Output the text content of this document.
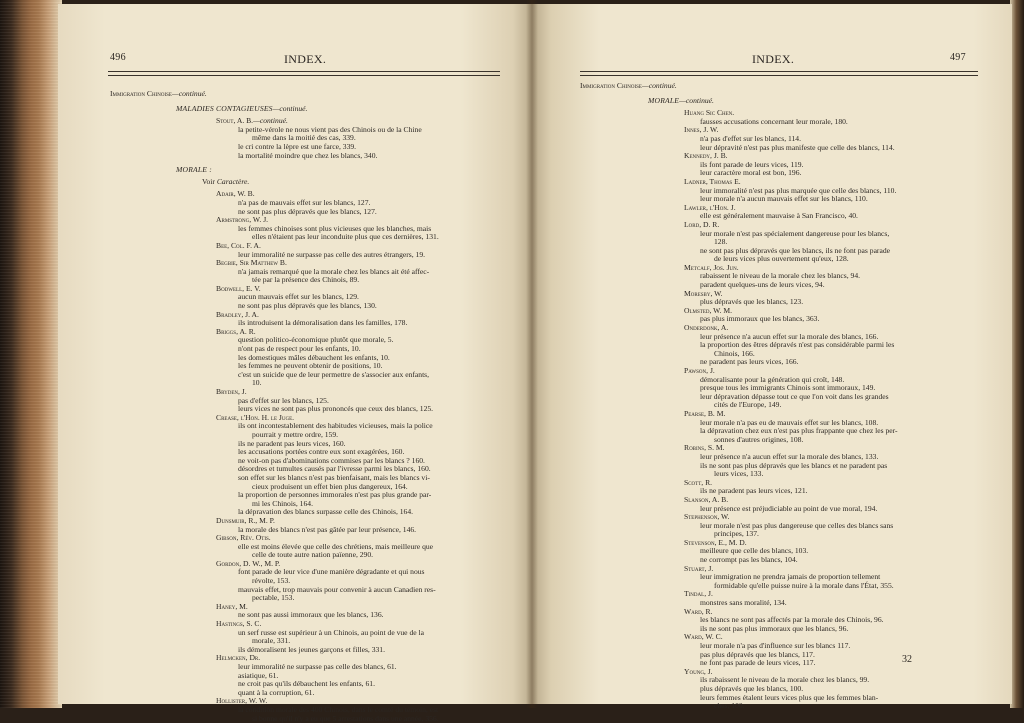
496	INDEX.
Immigration Chinoise—continué.
MALADIES CONTAGIEUSES—continué.
Stout, A. B.—continué.
la petite-vérole ne nous vient pas des Chinois ou de la Chine
même dans la moitié des cas, 339.
le cri contre la lèpre est une farce, 339.
la mortalité moindre que chez les blancs, 340.
MORALE :
Voir Caractère.
Adair, W. B.
n'a pas de mauvais effet sur les blancs, 127.
ne sont pas plus dépravés que les blancs, 127.
Armstrong, W. J.
les femmes chinoises sont plus vicieuses que les blanches, mais
elles n'étaient pas leur inconduite plus que ces dernières, 131.
Bee, Col. F. A.
leur immoralité ne surpasse pas celle des autres étrangers, 19.
Begbie, Sir Matthew B.
n'a jamais remarqué que la morale chez les blancs ait été affec-
tée par la présence des Chinois, 89.
Bodwell, E. V.
aucun mauvais effet sur les blancs, 129.
ne sont pas plus dépravés que les blancs, 130.
Bradley, J. A.
ils introduisent la démoralisation dans les familles, 178.
Briggs, A. R.
question politico-économique plutôt que morale, 5.
n'ont pas de respect pour les enfants, 10.
les domestiques mâles débauchent les enfants, 10.
les femmes ne peuvent obtenir de positions, 10.
c'est un suicide que de leur permettre de s'associer aux enfants,
10.
Bryden, J.
pas d'effet sur les blancs, 125.
leurs vices ne sont pas plus prononcés que ceux des blancs, 125.
Crease, l'Hon. H. le Juge.
ils ont incontestablement des habitudes vicieuses, mais la police
pourrait y mettre ordre, 159.
ils ne paradent pas leurs vices, 160.
les accusations portées contre eux sont exagérées, 160.
ne voit-on pas d'abominations commises par les blancs ? 160.
désordres et tumultes causés par l'ivresse parmi les blancs, 160.
son effet sur les blancs n'est pas bienfaisant, mais les blancs vi-
cieux produisent un effet bien plus dangereux, 164.
la proportion de personnes immorales n'est pas plus grande par-
mi les Chinois, 164.
la dépravation des blancs surpasse celle des Chinois, 164.
Dunsmuir, R., M. P.
la morale des blancs n'est pas gâtée par leur présence, 146.
Gibson, Rév. Otis.
elle est moins élevée que celle des chrétiens, mais meilleure que
celle de toute autre nation païenne, 290.
Gordon, D. W., M. P.
font parade de leur vice d'une manière dégradante et qui nous
révolte, 153.
mauvais effet, trop mauvais pour convenir à aucun Canadien res-
pectable, 153.
Haney, M.
ne sont pas aussi immoraux que les blancs, 136.
Hastings, S. C.
un serf russe est supérieur à un Chinois, au point de vue de la
morale, 331.
ils démoralisent les jeunes garçons et filles, 331.
Helmcken, Dr.
leur immoralité ne surpasse pas celle des blancs, 61.
asiatique, 61.
ne croit pas qu'ils débauchent les enfants, 61.
quant à la corruption, 61.
Hollister, W. W.
la condition morale des 400 Chinois, dans le comté du témoin, est
si bonne qu'il n'y a eu que 5 arrestations dans une année, 356.
INDEX.	497
Immigration Chinoise—continué.
MORALE—continué.
Huang Sic Chen.
fausses accusations concernant leur morale, 180.
Innes, J. W.
n'a pas d'effet sur les blancs, 114.
leur dépravité n'est pas plus manifeste que celle des blancs, 114.
Kennedy, J. B.
ils font parade de leurs vices, 119.
leur caractère moral est bon, 196.
Ladner, Thomas E.
leur immoralité n'est pas plus marquée que celle des blancs, 110.
leur morale n'a aucun mauvais effet sur les blancs, 110.
Lawler, l'Hon. J.
elle est généralement mauvaise à San Francisco, 40.
Lord, D. R.
leur morale n'est pas spécialement dangereuse pour les blancs,
128.
ne sont pas plus dépravés que les blancs, ils ne font pas parade
de leurs vices plus ouvertement qu'eux, 128.
Metcalf, Jos. Jun.
rabaissent le niveau de la morale chez les blancs, 94.
paradent quelques-uns de leurs vices, 94.
Moresby, W.
plus dépravés que les blancs, 123.
Olmsted, W. M.
pas plus immoraux que les blancs, 363.
Onderdonk, A.
leur présence n'a aucun effet sur la morale des blancs, 166.
la proportion des êtres dépravés n'est pas considérable parmi les
Chinois, 166.
ne paradent pas leurs vices, 166.
Pawson, J.
démoralisante pour la génération qui croît, 148.
presque tous les immigrants Chinois sont immoraux, 149.
leur dépravation dépasse tout ce que l'on voit dans les grandes
cités de l'Europe, 149.
Pearse, B. M.
leur morale n'a pas eu de mauvais effet sur les blancs, 108.
la dépravation chez eux n'est pas plus frappante que chez les per-
sonnes d'autres origines, 108.
Robins, S. M.
leur présence n'a aucun effet sur la morale des blancs, 133.
ils ne sont pas plus dépravés que les blancs et ne paradent pas
leurs vices, 133.
Scott, R.
ils ne paradent pas leurs vices, 121.
Slanson, A. B.
leur présence est préjudiciable au point de vue moral, 194.
Stephenson, W.
leur morale n'est pas plus dangereuse que celles des blancs sans
principes, 137.
Stevenson, E., M. D.
meilleure que celle des blancs, 103.
ne corrompt pas les blancs, 104.
Stuart, J.
leur immigration ne prendra jamais de proportion tellement
formidable qu'elle puisse nuire à la morale dans l'État, 355.
Tindal, J.
monstres sans moralité, 134.
Ward, R.
les blancs ne sont pas affectés par la morale des Chinois, 96.
ils ne sont pas plus immoraux que les blancs, 96.
Ward, W. C.
leur morale n'a pas d'influence sur les blancs 117.
pas plus dépravés que les blancs, 117.
ne font pas parade de leurs vices, 117.
Young, J.
ils rabaissent le niveau de la morale chez les blancs, 99.
plus dépravés que les blancs, 100.
leurs femmes étalent leurs vices plus que les femmes blan-
ches, 100.
32
